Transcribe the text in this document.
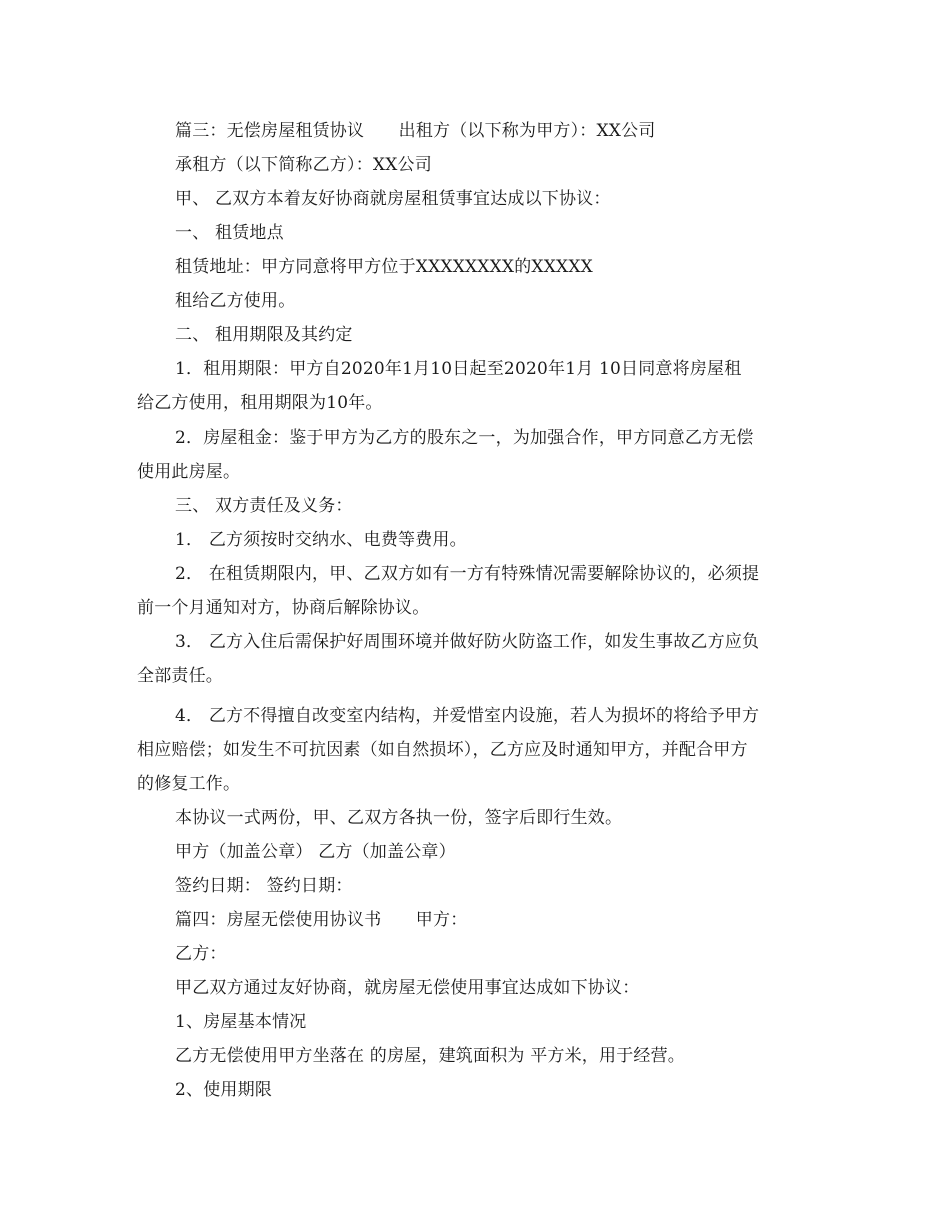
篇三：无偿房屋租赁协议　　出租方（以下称为甲方）：XX公司
承租方（以下简称乙方）：XX公司
甲、 乙双方本着友好协商就房屋租赁事宜达成以下协议：
一、 租赁地点
租赁地址：甲方同意将甲方位于XXXXXXXX的XXXXX
租给乙方使用。
二、 租用期限及其约定
1．租用期限：甲方自2020年1月10日起至2020年1月 10日同意将房屋租
给乙方使用，租用期限为10年。
2．房屋租金：鉴于甲方为乙方的股东之一，为加强合作，甲方同意乙方无偿
使用此房屋。
三、 双方责任及义务：
1． 乙方须按时交纳水、电费等费用。
2． 在租赁期限内，甲、乙双方如有一方有特殊情况需要解除协议的，必须提
前一个月通知对方，协商后解除协议。
3． 乙方入住后需保护好周围环境并做好防火防盗工作，如发生事故乙方应负
全部责任。
4． 乙方不得擅自改变室内结构，并爱惜室内设施，若人为损坏的将给予甲方
相应赔偿；如发生不可抗因素（如自然损坏），乙方应及时通知甲方，并配合甲方
的修复工作。
本协议一式两份，甲、乙双方各执一份，签字后即行生效。
甲方（加盖公章） 乙方（加盖公章）
签约日期： 签约日期：
篇四：房屋无偿使用协议书　　甲方：
乙方：
甲乙双方通过友好协商，就房屋无偿使用事宜达成如下协议：
1、房屋基本情况
乙方无偿使用甲方坐落在 的房屋，建筑面积为 平方米，用于经营。
2、使用期限
